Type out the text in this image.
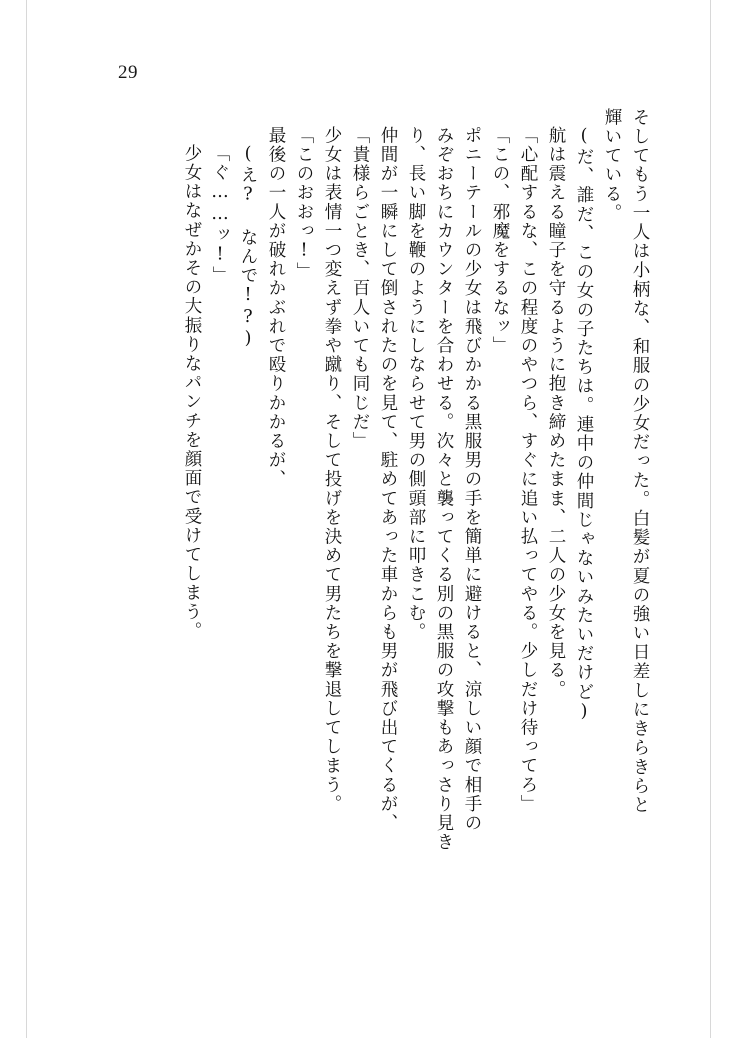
29
そしてもう一人は小柄な、和服の少女だった。白髪が夏の強い日差しにきらきらと
輝いている。
(だ、誰だ、この女の子たちは。連中の仲間じゃないみたいだけど)
航は震える瞳子を守るように抱き締めたまま、二人の少女を見る。
「心配するな、この程度のやつら、すぐに追い払ってやる。少しだけ待ってろ」
「この、邪魔をするなッ」
ポニーテールの少女は飛びかかる黒服男の手を簡単に避けると、涼しい顔で相手の
みぞおちにカウンターを合わせる。次々と襲ってくる別の黒服の攻撃もあっさり見き
り、長い脚を鞭のようにしならせて男の側頭部に叩きこむ。
仲間が一瞬にして倒されたのを見て、駐めてあった車からも男が飛び出てくるが、
「貴様らごとき、百人いても同じだ」
少女は表情一つ変えず拳や蹴り、そして投げを決めて男たちを撃退してしまう。
「このおおっ!」
最後の一人が破れかぶれで殴りかかるが、
(え? なんで!?)
「ぐ……ッ!」
少女はなぜかその大振りなパンチを顔面で受けてしまう。
